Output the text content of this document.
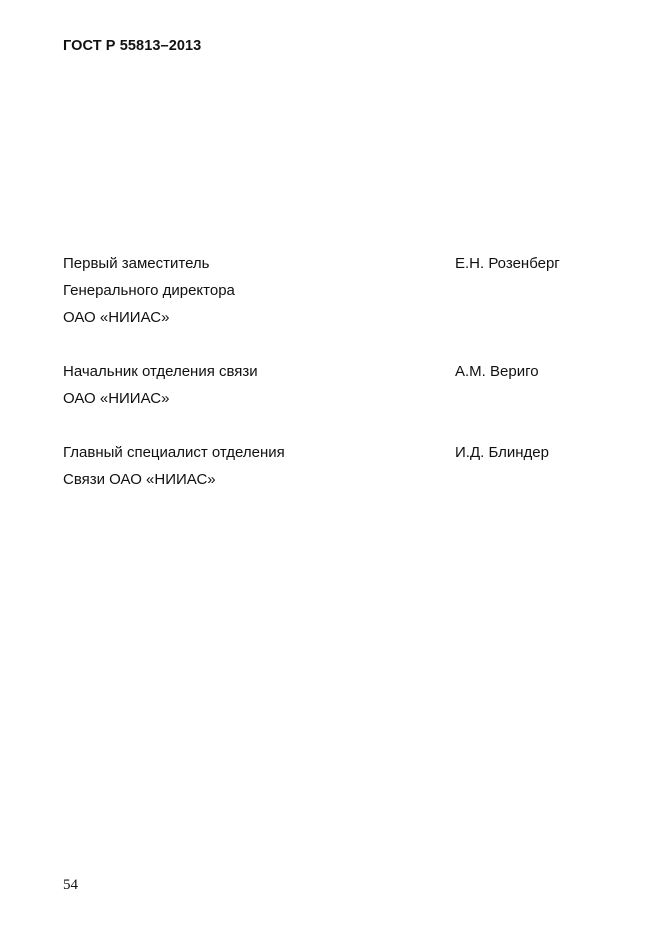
ГОСТ Р 55813–2013
Первый заместитель
Генерального директора
ОАО «НИИАС»
Е.Н. Розенберг
Начальник отделения связи
ОАО «НИИАС»
А.М. Вериго
Главный специалист отделения
Связи ОАО «НИИАС»
И.Д. Блиндер
54
